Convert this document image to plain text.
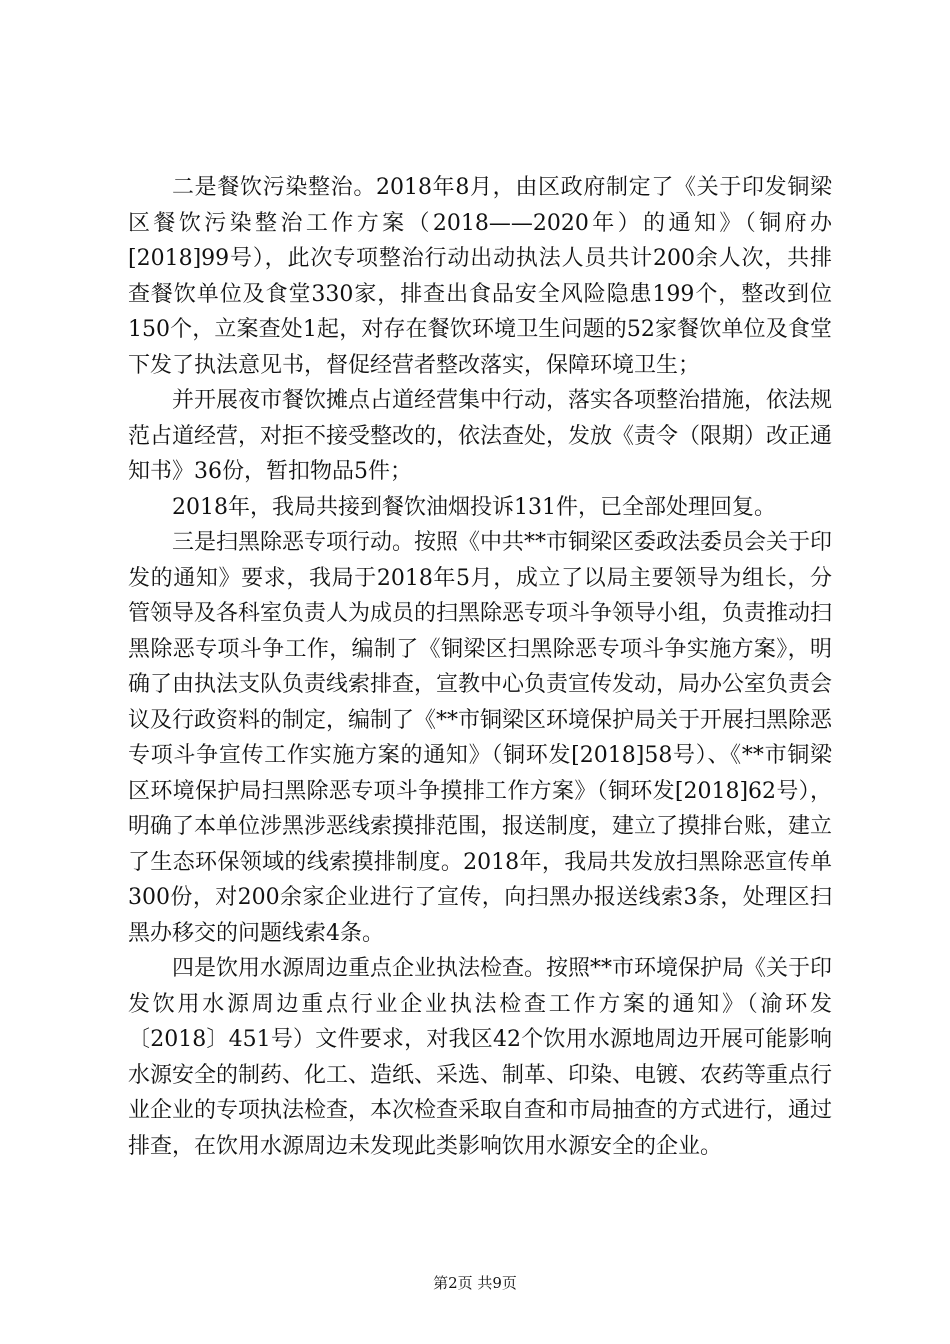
二是餐饮污染整治。2018年8月，由区政府制定了《关于印发铜梁区餐饮污染整治工作方案（2018——2020年）的通知》（铜府办[2018]99号），此次专项整治行动出动执法人员共计200余人次，共排查餐饮单位及食堂330家，排查出食品安全风险隐患199个，整改到位150个，立案查处1起，对存在餐饮环境卫生问题的52家餐饮单位及食堂下发了执法意见书，督促经营者整改落实，保障环境卫生；

并开展夜市餐饮摊点占道经营集中行动，落实各项整治措施，依法规范占道经营，对拒不接受整改的，依法查处，发放《责令（限期）改正通知书》36份，暂扣物品5件；

2018年，我局共接到餐饮油烟投诉131件，已全部处理回复。

三是扫黑除恶专项行动。按照《中共**市铜梁区委政法委员会关于印发的通知》要求，我局于2018年5月，成立了以局主要领导为组长，分管领导及各科室负责人为成员的扫黑除恶专项斗争领导小组，负责推动扫黑除恶专项斗争工作，编制了《铜梁区扫黑除恶专项斗争实施方案》，明确了由执法支队负责线索排查，宣教中心负责宣传发动，局办公室负责会议及行政资料的制定，编制了《**市铜梁区环境保护局关于开展扫黑除恶专项斗争宣传工作实施方案的通知》（铜环发[2018]58号）、《**市铜梁区环境保护局扫黑除恶专项斗争摸排工作方案》（铜环发[2018]62号），明确了本单位涉黑涉恶线索摸排范围，报送制度，建立了摸排台账，建立了生态环保领域的线索摸排制度。2018年，我局共发放扫黑除恶宣传单300份，对200余家企业进行了宣传，向扫黑办报送线索3条，处理区扫黑办移交的问题线索4条。

四是饮用水源周边重点企业执法检查。按照**市环境保护局《关于印发饮用水源周边重点行业企业执法检查工作方案的通知》（渝环发〔2018〕451号）文件要求，对我区42个饮用水源地周边开展可能影响水源安全的制药、化工、造纸、采选、制革、印染、电镀、农药等重点行业企业的专项执法检查，本次检查采取自查和市局抽查的方式进行，通过排查，在饮用水源周边未发现此类影响饮用水源安全的企业。

第2页 共9页
